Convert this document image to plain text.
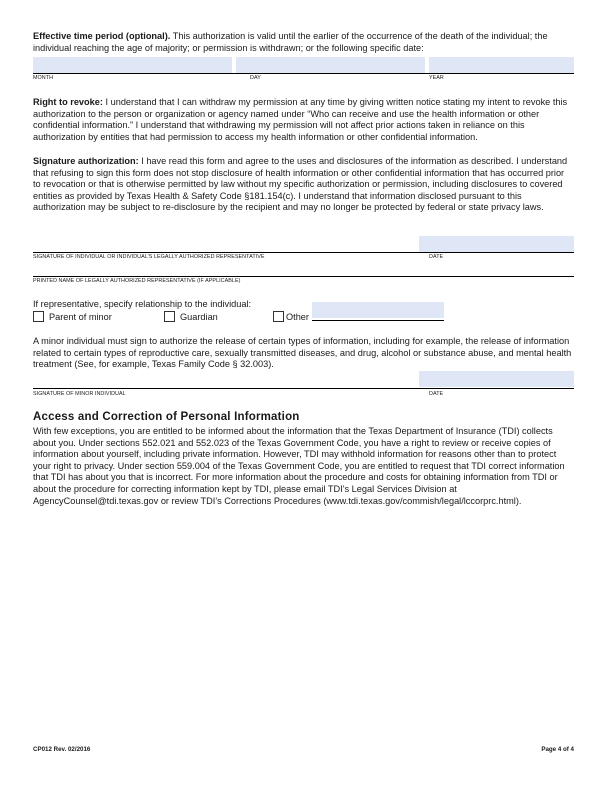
Effective time period (optional). This authorization is valid until the earlier of the occurrence of the death of the individual; the individual reaching the age of majority; or permission is withdrawn; or the following specific date:

MONTH	DAY	YEAR

Right to revoke: I understand that I can withdraw my permission at any time by giving written notice stating my intent to revoke this authorization to the person or organization or agency named under “Who can receive and use the health information or other confidential information.” I understand that withdrawing my permission will not affect prior actions taken in reliance on this authorization by entities that had permission to access my health information or other confidential information.

Signature authorization: I have read this form and agree to the uses and disclosures of the information as described. I understand that refusing to sign this form does not stop disclosure of health information or other confidential information that has occurred prior to revocation or that is otherwise permitted by law without my specific authorization or permission, including disclosures to covered entities as provided by Texas Health & Safety Code §181.154(c). I understand that information disclosed pursuant to this authorization may be subject to re-disclosure by the recipient and may no longer be protected by federal or state privacy laws.

SIGNATURE OF INDIVIDUAL OR INDIVIDUAL’S LEGALLY AUTHORIZED REPRESENTATIVE	DATE
PRINTED NAME OF LEGALLY AUTHORIZED REPRESENTATIVE (IF APPLICABLE)
If representative, specify relationship to the individual:
Parent of minor	Guardian	Other

A minor individual must sign to authorize the release of certain types of information, including for example, the release of information related to certain types of reproductive care, sexually transmitted diseases, and drug, alcohol or substance abuse, and mental health treatment (See, for example, Texas Family Code § 32.003).

SIGNATURE OF MINOR INDIVIDUAL	DATE
Access and Correction of Personal Information

With few exceptions, you are entitled to be informed about the information that the Texas Department of Insurance (TDI) collects about you. Under sections 552.021 and 552.023 of the Texas Government Code, you have a right to review or receive copies of information about yourself, including private information. However, TDI may withhold information for reasons other than to protect your right to privacy. Under section 559.004 of the Texas Government Code, you are entitled to request that TDI correct information that TDI has about you that is incorrect. For more information about the procedure and costs for obtaining information from TDI or about the procedure for correcting information kept by TDI, please email TDI’s Legal Services Division at AgencyCounsel@tdi.texas.gov or review TDI’s Corrections Procedures (www.tdi.texas.gov/commish/legal/lccorprc.html).

CP012 Rev. 02/2016	Page 4 of 4
